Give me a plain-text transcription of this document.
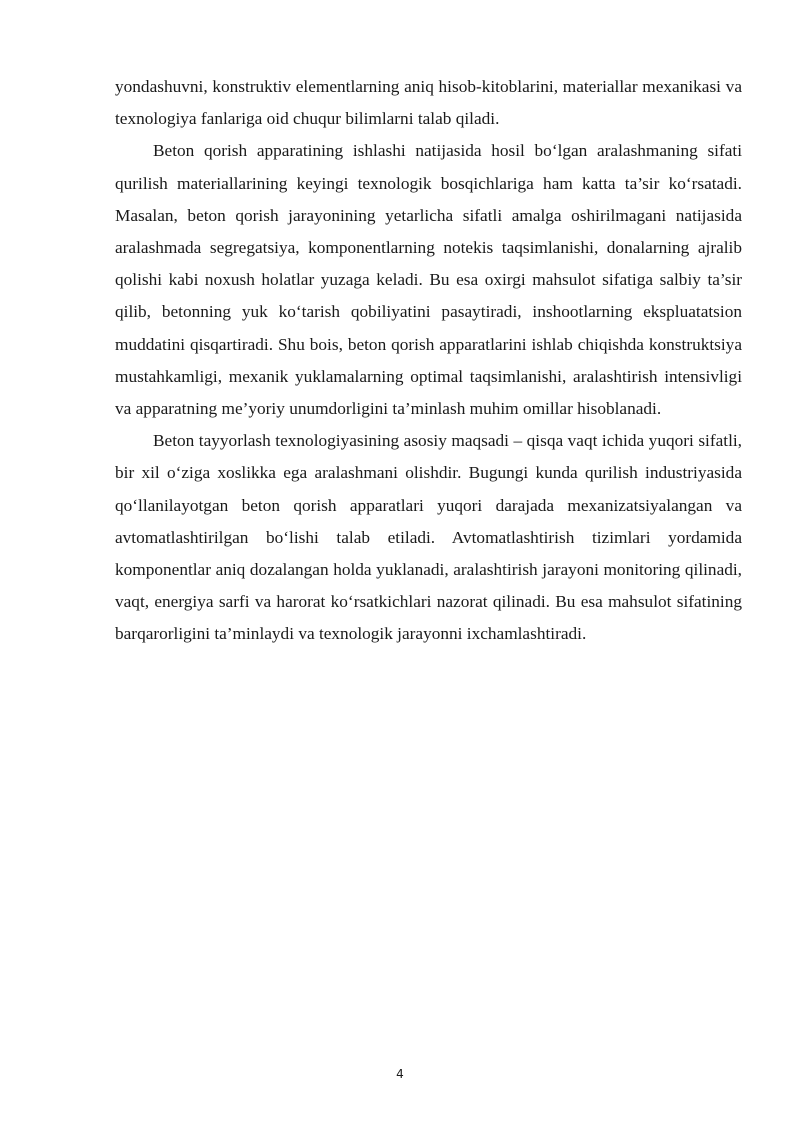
yondashuvni, konstruktiv elementlarning aniq hisob-kitoblarini, materiallar mexanikasi va texnologiya fanlariga oid chuqur bilimlarni talab qiladi.

Beton qorish apparatining ishlashi natijasida hosil bo‘lgan aralashmaning sifati qurilish materiallarining keyingi texnologik bosqichlariga ham katta ta’sir ko‘rsatadi. Masalan, beton qorish jarayonining yetarlicha sifatli amalga oshirilmagani natijasida aralashmada segregatsiya, komponentlarning notekis taqsimlanishi, donalarning ajralib qolishi kabi noxush holatlar yuzaga keladi. Bu esa oxirgi mahsulot sifatiga salbiy ta’sir qilib, betonning yuk ko‘tarish qobiliyatini pasaytiradi, inshootlarning ekspluatatsion muddatini qisqartiradi. Shu bois, beton qorish apparatlarini ishlab chiqishda konstruktsiya mustahkamligi, mexanik yuklamalarning optimal taqsimlanishi, aralashtirish intensivligi va apparatning me’yoriy unumdorligini ta’minlash muhim omillar hisoblanadi.

Beton tayyorlash texnologiyasining asosiy maqsadi – qisqa vaqt ichida yuqori sifatli, bir xil o‘ziga xoslikka ega aralashmani olishdir. Bugungi kunda qurilish industriyasida qo‘llanilayotgan beton qorish apparatlari yuqori darajada mexanizatsiyalangan va avtomatlashtirilgan bo‘lishi talab etiladi. Avtomatlashtirish tizimlari yordamida komponentlar aniq dozalangan holda yuklanadi, aralashtirish jarayoni monitoring qilinadi, vaqt, energiya sarfi va harorat ko‘rsatkichlari nazorat qilinadi. Bu esa mahsulot sifatining barqarorligini ta’minlaydi va texnologik jarayonni ixchamlashtiradi.

4
